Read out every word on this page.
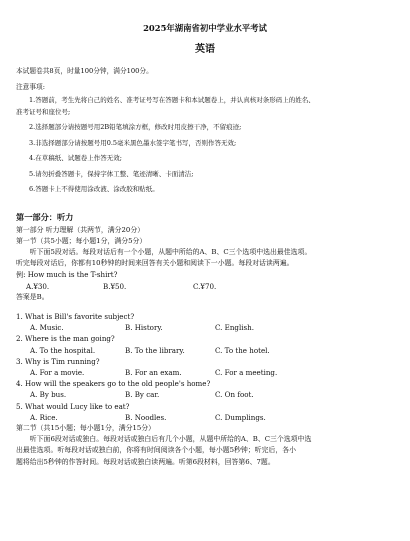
2025年湖南省初中学业水平考试
英语
本试题卷共8页，时量100分钟，满分100分。
注意事项:
1.答题前，考生先将自己的姓名、准考证号写在答题卡和本试题卷上，并认真核对条形码上的姓名、
准考证号和座位号;
2.选择题部分请按题号用2B铅笔填涂方框，修改时用皮擦干净，不留痕迹;
3.非选择题部分请按题号用0.5毫米黑色墨水签字笔书写，否则作答无效;
4.在草稿纸、试题卷上作答无效;
5.请勿折叠答题卡，保持字体工整、笔迹清晰、卡面清洁;
6.答题卡上不得使用涂改液、涂改胶和贴纸。
第一部分：听力
第一部分 听力理解（共两节，满分20分）
第一节（共5小题；每小题1分，满分5分）
听下面5段对话。每段对话后有一个小题，从题中所给的A、B、C三个选项中选出最佳选项。
听完每段对话后，你都有10秒钟的时间来回答有关小题和阅读下一小题。每段对话读两遍。
例: How much is the T-shirt?
A.¥30.	B.¥50.	C.¥70.
答案是B。
1. What is Bill's favorite subject?
A. Music.	B. History.	C. English.
2. Where is the man going?
A. To the hospital.	B. To the library.	C. To the hotel.
3. Why is Tim running?
A. For a movie.	B. For an exam.	C. For a meeting.
4. How will the speakers go to the old people's home?
A. By bus.	B. By car.	C. On foot.
5. What would Lucy like to eat?
A. Rice.	B. Noodles.	C. Dumplings.
第二节（共15小题；每小题1分，满分15分）
听下面6段对话或独白。每段对话或独白后有几个小题，从题中所给的A、B、C三个选项中选
出最佳选项。听每段对话或独白前，你将有时间阅读各个小题，每小题5秒钟；听完后，各小
题将给出5秒钟的作答时间。每段对话或独白读两遍。听第6段材料，回答第6、7题。
